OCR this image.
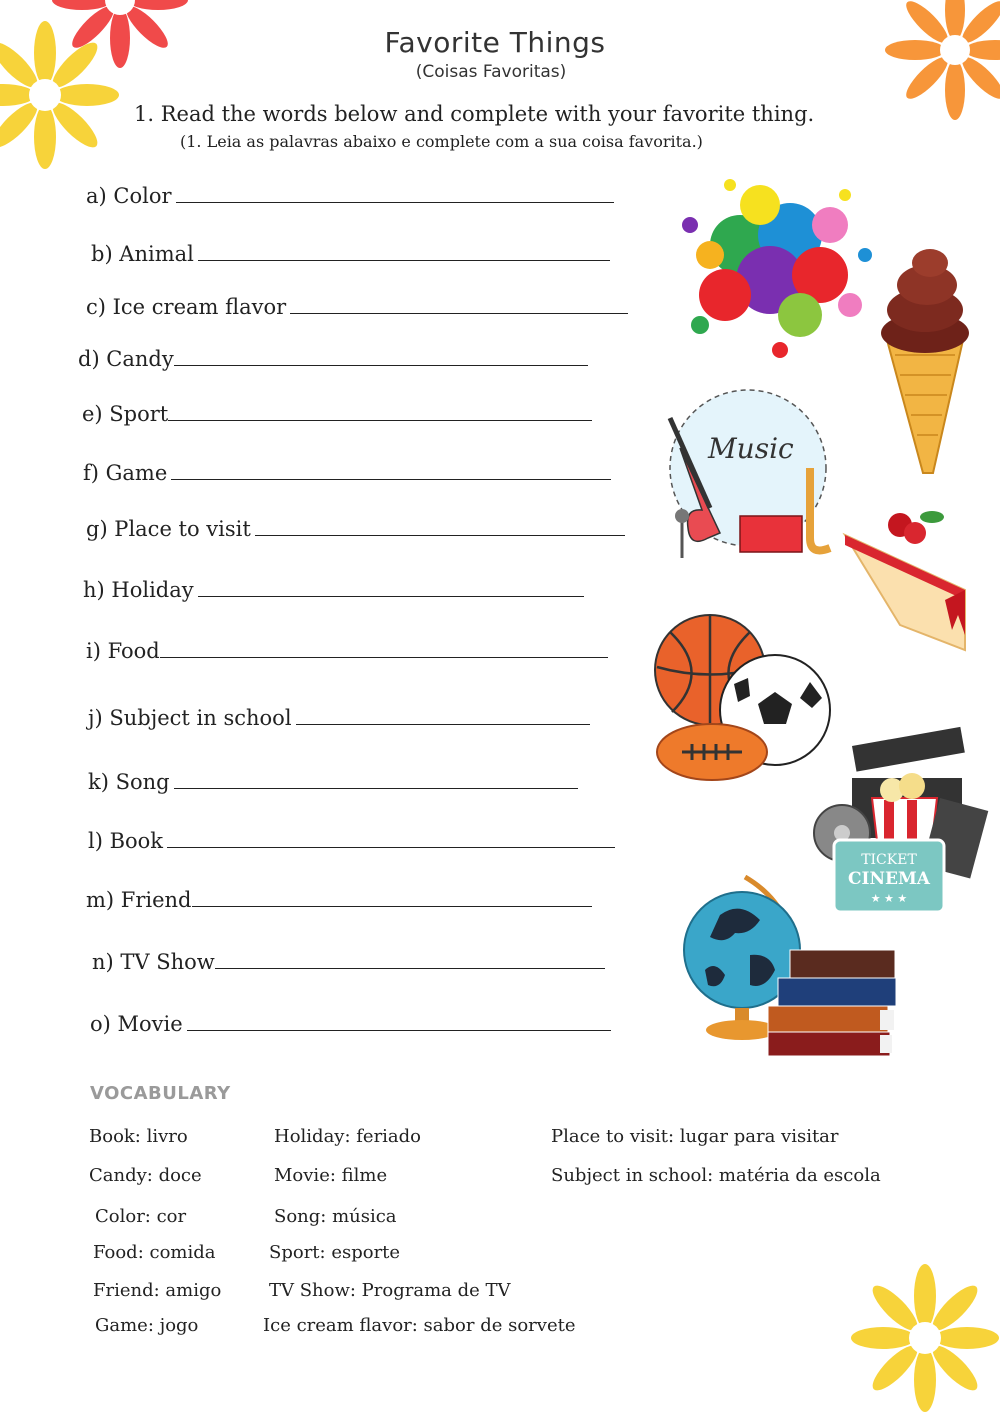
Favorite Things
(Coisas Favoritas)
1. Read the words below and complete with your favorite thing.
(1. Leia as palavras abaixo e complete com a sua coisa favorita.)
a) Color
b) Animal
c) Ice cream flavor
d) Candy
e) Sport
f) Game
g) Place to visit
h) Holiday
i) Food
j) Subject in school
k) Song
l) Book
m) Friend
n) TV Show
o) Movie
Music
TICKET
CINEMA
★ ★ ★
VOCABULARY
Book: livro	Holiday: feriado	Place to visit: lugar para visitar
Candy: doce	Movie: filme	Subject in school: matéria da escola
Color: cor	Song: música
Food: comida	Sport: esporte
Friend: amigo	TV Show: Programa de TV
Game: jogo	Ice cream flavor: sabor de sorvete
